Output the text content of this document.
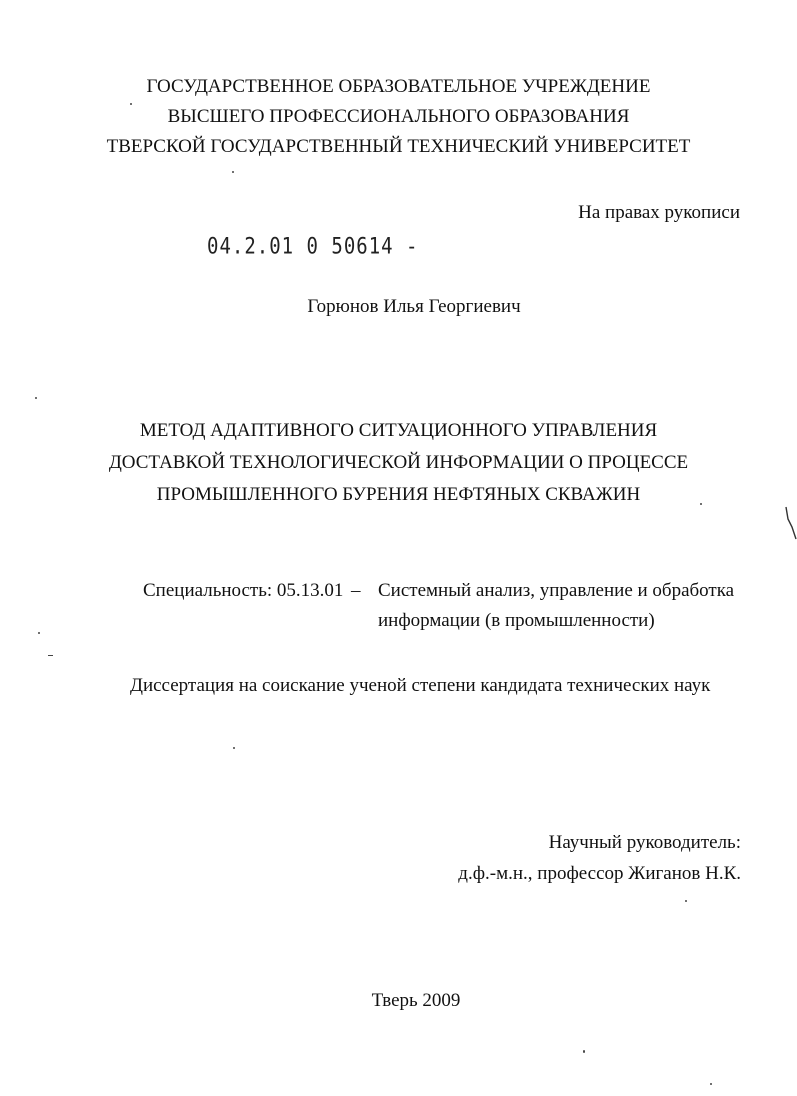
ГОСУДАРСТВЕННОЕ ОБРАЗОВАТЕЛЬНОЕ УЧРЕЖДЕНИЕ
ВЫСШЕГО ПРОФЕССИОНАЛЬНОГО ОБРАЗОВАНИЯ
ТВЕРСКОЙ ГОСУДАРСТВЕННЫЙ ТЕХНИЧЕСКИЙ УНИВЕРСИТЕТ
На правах рукописи
04.2.01 0 50614 -
Горюнов Илья Георгиевич
МЕТОД АДАПТИВНОГО СИТУАЦИОННОГО УПРАВЛЕНИЯ
ДОСТАВКОЙ ТЕХНОЛОГИЧЕСКОЙ ИНФОРМАЦИИ О ПРОЦЕССЕ
ПРОМЫШЛЕННОГО БУРЕНИЯ НЕФТЯНЫХ СКВАЖИН
Специальность: 05.13.01 – Системный анализ, управление и обработка
информации (в промышленности)
Диссертация на соискание ученой степени кандидата технических наук
Научный руководитель:
д.ф.-м.н., профессор Жиганов Н.К.
Тверь 2009
